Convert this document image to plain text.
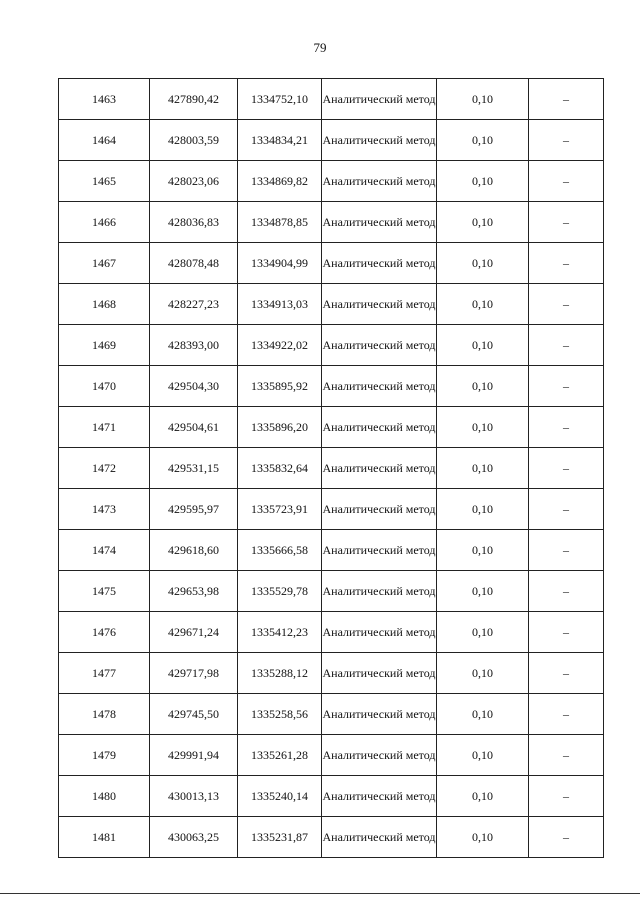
79
1463	427890,42	1334752,10	Аналитический метод	0,10	–
1464	428003,59	1334834,21	Аналитический метод	0,10	–
1465	428023,06	1334869,82	Аналитический метод	0,10	–
1466	428036,83	1334878,85	Аналитический метод	0,10	–
1467	428078,48	1334904,99	Аналитический метод	0,10	–
1468	428227,23	1334913,03	Аналитический метод	0,10	–
1469	428393,00	1334922,02	Аналитический метод	0,10	–
1470	429504,30	1335895,92	Аналитический метод	0,10	–
1471	429504,61	1335896,20	Аналитический метод	0,10	–
1472	429531,15	1335832,64	Аналитический метод	0,10	–
1473	429595,97	1335723,91	Аналитический метод	0,10	–
1474	429618,60	1335666,58	Аналитический метод	0,10	–
1475	429653,98	1335529,78	Аналитический метод	0,10	–
1476	429671,24	1335412,23	Аналитический метод	0,10	–
1477	429717,98	1335288,12	Аналитический метод	0,10	–
1478	429745,50	1335258,56	Аналитический метод	0,10	–
1479	429991,94	1335261,28	Аналитический метод	0,10	–
1480	430013,13	1335240,14	Аналитический метод	0,10	–
1481	430063,25	1335231,87	Аналитический метод	0,10	–
